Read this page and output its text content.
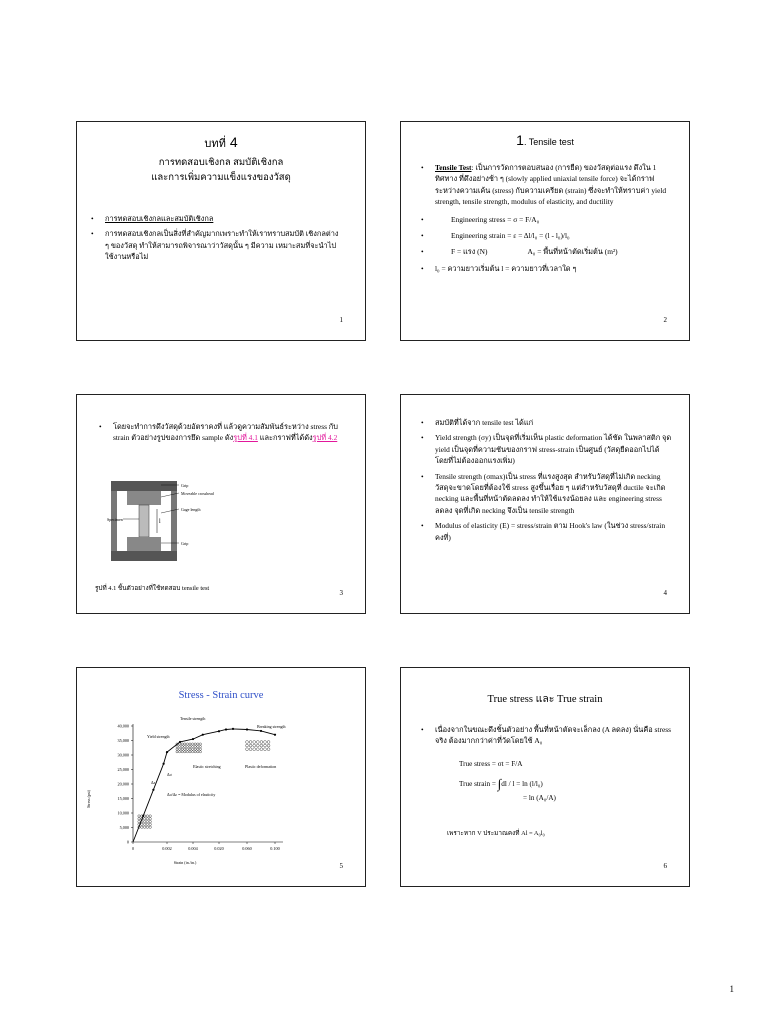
บทที่ 4
การทดสอบเชิงกล สมบัติเชิงกล
และการเพิ่มความแข็งแรงของวัสดุ
• การทดสอบเชิงกลและสมบัติเชิงกล
• การทดสอบเชิงกลเป็นสิ่งที่สำคัญมากเพราะทำให้เราทราบสมบัติ เชิงกลต่าง ๆ ของวัสดุ ทำให้สามารถพิจารณาว่าวัสดุนั้น ๆ มีความ เหมาะสมที่จะนำไปใช้งานหรือไม่
1
1. Tensile test
• Tensile Test: เป็นการวัดการตอบสนอง (การยืด) ของวัสดุต่อแรง ดึงใน 1 ทิศทาง ที่ดึงอย่างช้า ๆ (slowly applied uniaxial tensile force) จะได้กราฟระหว่างความเค้น (stress) กับความเครียด (strain) ซึ่งจะทำให้ทราบค่า yield strength, tensile strength, modulus of elasticity, and ductility
•	Engineering stress = σ = F/A₀
•	Engineering strain = ε = Δl/l₀ = (l - l₀)/l₀
•	F = แรง (N)	A₀ = พื้นที่หน้าตัดเริ่มต้น (m²)
• l₀ = ความยาวเริ่มต้น l = ความยาวที่เวลาใด ๆ
2
• โดยจะทำการดึงวัสดุด้วยอัตราคงที่ แล้วดูความสัมพันธ์ระหว่าง stress กับ strain ตัวอย่างรูปของการยึด sample ดังรูปที่ 4.1 และกราฟที่ได้ดังรูปที่ 4.2
Grip
Moveable crosshead
Gage length
Specimen	l
Grip
รูปที่ 4.1 ชิ้นตัวอย่างที่ใช้ทดสอบ tensile test
3
• สมบัติที่ได้จาก tensile test ได้แก่
• Yield strength (σy) เป็นจุดที่เริ่มเห็น plastic deformation ได้ชัด ในพลาสติก จุด yield เป็นจุดที่ความชันของกราฟ stress-strain เป็นศูนย์ (วัสดุยืดออกไปได้ โดยที่ไม่ต้องออกแรงเพิ่ม)
• Tensile strength (σmax)เป็น stress ที่แรงสูงสุด สำหรับวัสดุที่ไม่เกิด necking วัสดุจะขาดโดยที่ต้องใช้ stress สูงขึ้นเรื่อย ๆ แต่สำหรับวัสดุที่ ductile จะเกิด necking และพื้นที่หน้าตัดลดลง ทำให้ใช้แรงน้อยลง และ engineering stress ลดลง จุดที่เกิด necking จึงเป็น tensile strength
• Modulus of elasticity (E) = stress/strain ตาม Hook's law (ในช่วง stress/strain คงที่)
4
Stress - Strain curve
0
5,000
10,000
15,000
20,000
25,000
30,000
35,000
40,000
0	0.002	0.004	0.020	0.060	0.100
Stress (psi)
Strain (in./in.)
Tensile strength
Yield strength
Breaking strength
Elastic stretching	Plastic deformation
Δσ
Δε
Δσ/Δε = Modulus of elasticity
5
True stress และ True strain
• เนื่องจากในขณะดึงชิ้นตัวอย่าง พื้นที่หน้าตัดจะเล็กลง (A ลดลง) นั่นคือ stress จริง ต้องมากกว่าค่าที่วัดโดยใช้ A₀
True stress = σt = F/A
True strain = ∫dl / l = ln (l/l₀)
= ln (A₀/A)
เพราะหาก V ประมาณคงที่ Al = A₀l₀
6
1
